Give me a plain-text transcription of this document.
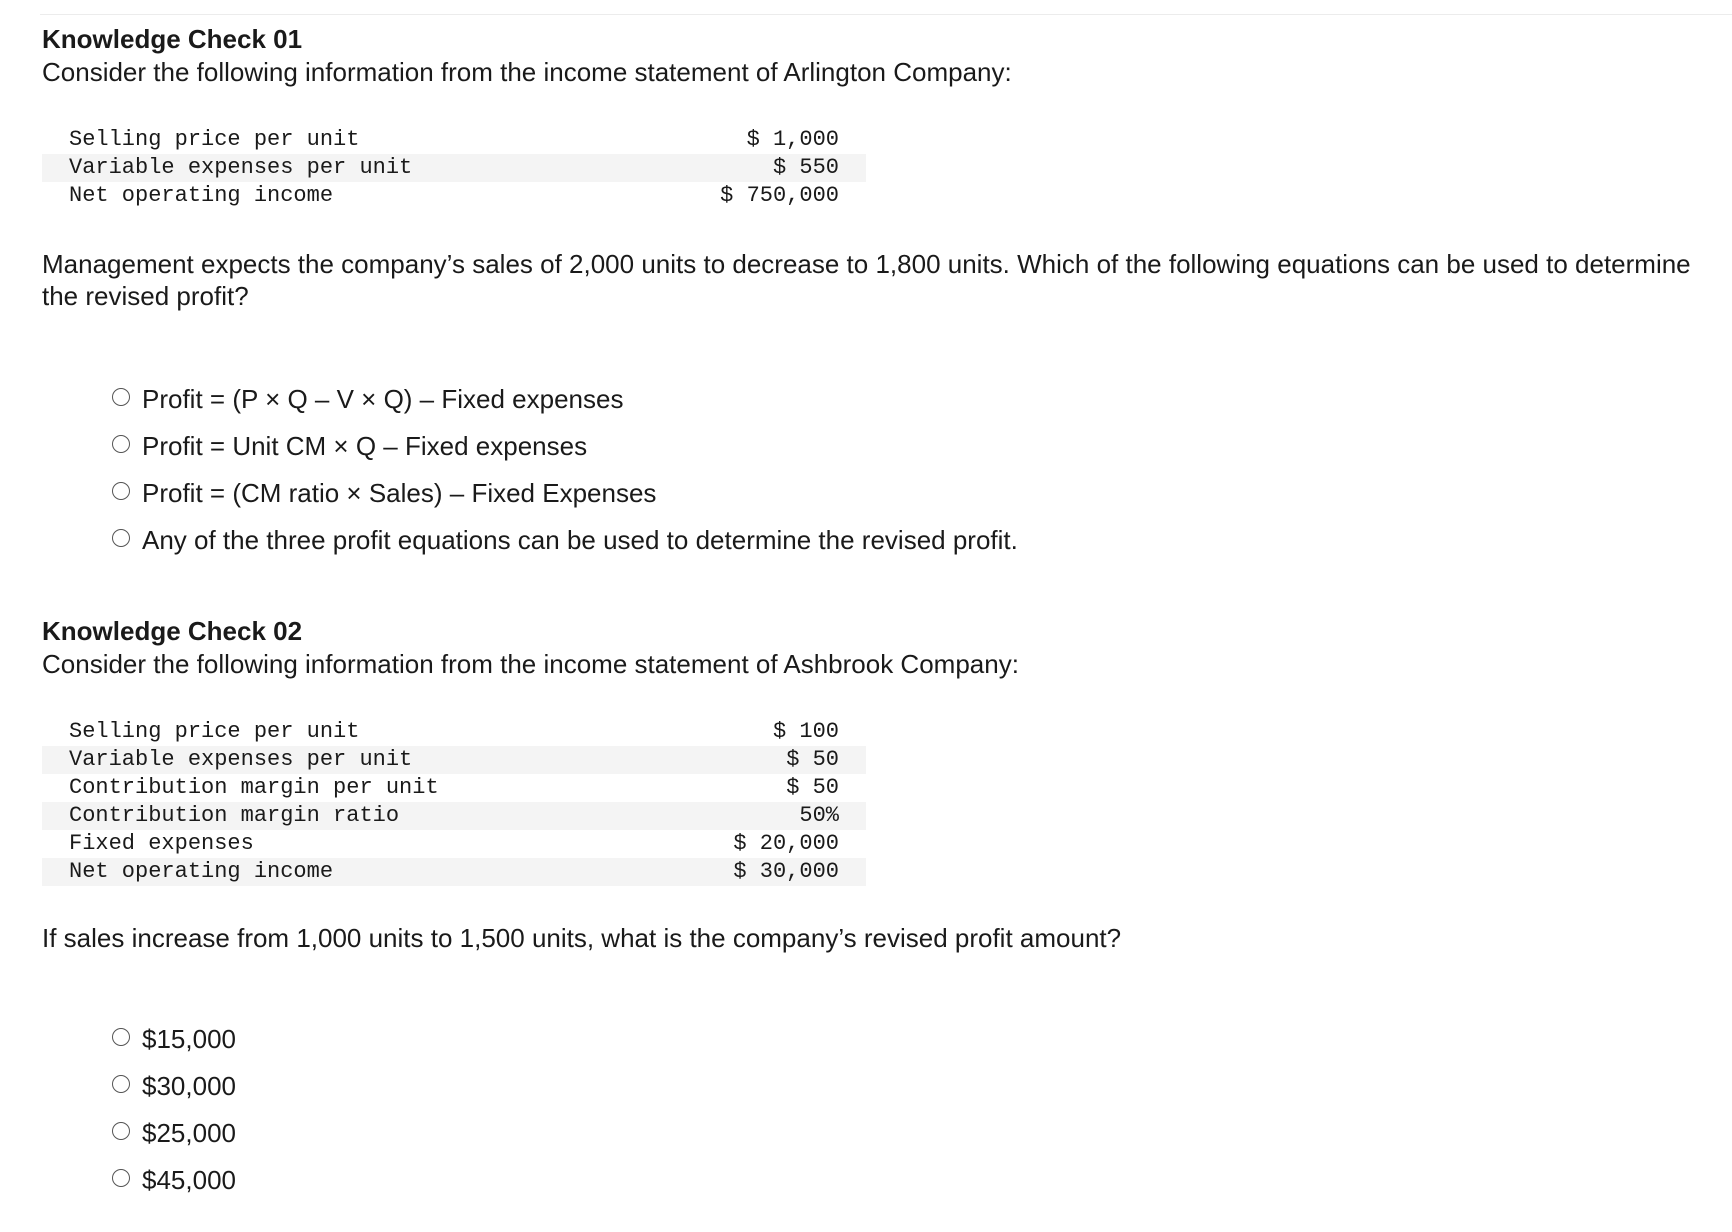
Knowledge Check 01

Consider the following information from the income statement of Arlington Company:

Selling price per unit	$ 1,000
Variable expenses per unit	$ 550
Net operating income	$ 750,000

Management expects the company’s sales of 2,000 units to decrease to 1,800 units. Which of the following equations can be used to determine the revised profit?

Profit = (P × Q – V × Q) – Fixed expenses
Profit = Unit CM × Q – Fixed expenses
Profit = (CM ratio × Sales) – Fixed Expenses
Any of the three profit equations can be used to determine the revised profit.

Knowledge Check 02

Consider the following information from the income statement of Ashbrook Company:

Selling price per unit	$ 100
Variable expenses per unit	$ 50
Contribution margin per unit	$ 50
Contribution margin ratio	50%
Fixed expenses	$ 20,000
Net operating income	$ 30,000

If sales increase from 1,000 units to 1,500 units, what is the company’s revised profit amount?

$15,000
$30,000
$25,000
$45,000
